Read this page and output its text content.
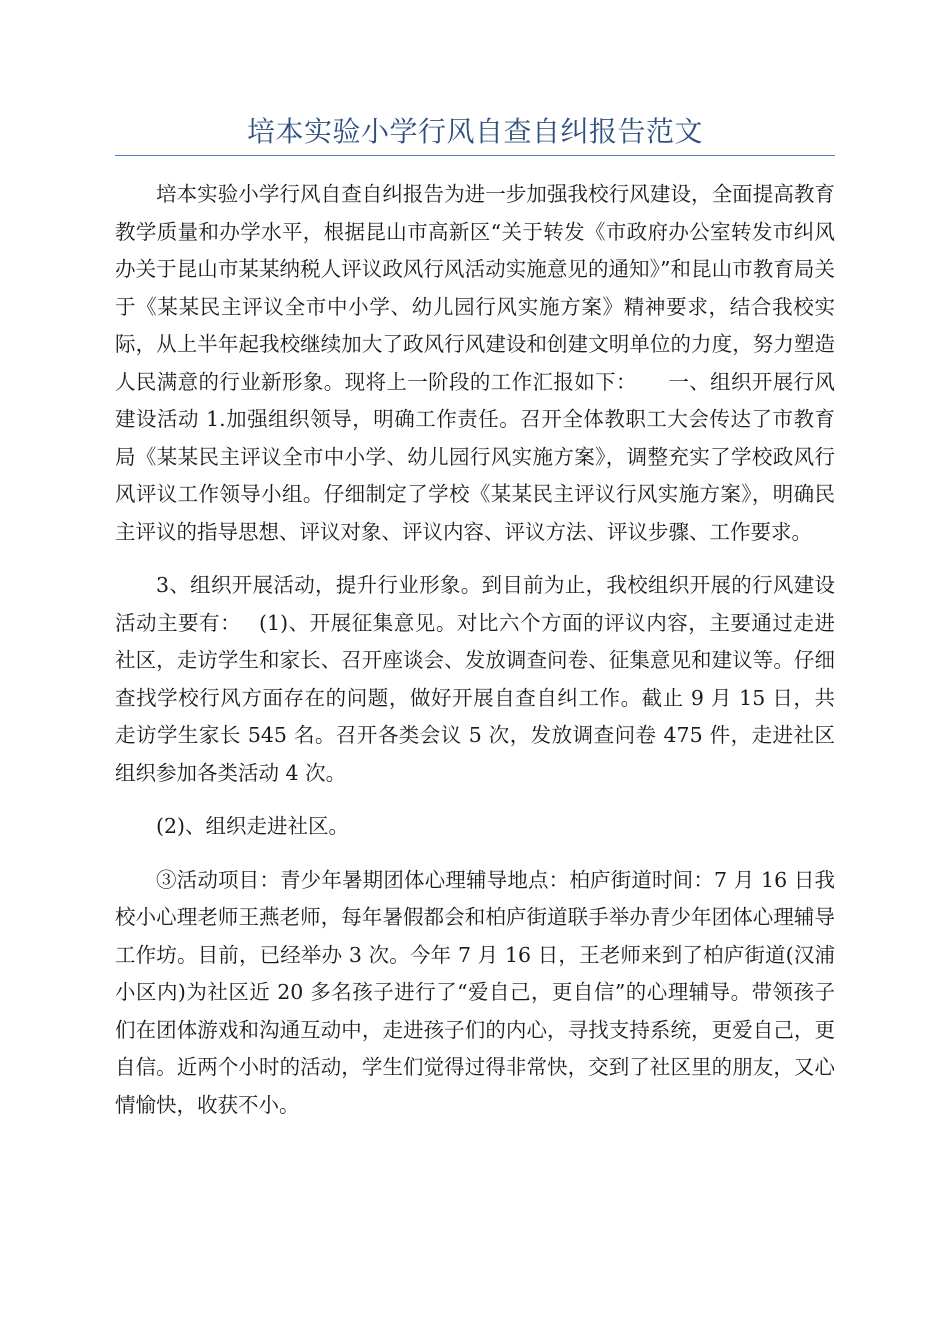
培本实验小学行风自查自纠报告范文

培本实验小学行风自查自纠报告为进一步加强我校行风建设，全面提高教育教学质量和办学水平，根据昆山市高新区“关于转发《市政府办公室转发市纠风办关于昆山市某某纳税人评议政风行风活动实施意见的通知》”和昆山市教育局关于《某某民主评议全市中小学、幼儿园行风实施方案》精神要求，结合我校实际，从上半年起我校继续加大了政风行风建设和创建文明单位的力度，努力塑造人民满意的行业新形象。现将上一阶段的工作汇报如下：　　一、组织开展行风建设活动 1.加强组织领导，明确工作责任。召开全体教职工大会传达了市教育局《某某民主评议全市中小学、幼儿园行风实施方案》，调整充实了学校政风行风评议工作领导小组。仔细制定了学校《某某民主评议行风实施方案》，明确民主评议的指导思想、评议对象、评议内容、评议方法、评议步骤、工作要求。

3、组织开展活动，提升行业形象。到目前为止，我校组织开展的行风建设活动主要有：　 (1)、开展征集意见。对比六个方面的评议内容，主要通过走进社区，走访学生和家长、召开座谈会、发放调查问卷、征集意见和建议等。仔细查找学校行风方面存在的问题，做好开展自查自纠工作。截止 9 月 15 日，共走访学生家长 545 名。召开各类会议 5 次，发放调查问卷 475 件，走进社区组织参加各类活动 4 次。

(2)、组织走进社区。

③活动项目：青少年暑期团体心理辅导地点：柏庐街道时间：7 月 16 日我校小心理老师王燕老师，每年暑假都会和柏庐街道联手举办青少年团体心理辅导工作坊。目前，已经举办 3 次。今年 7 月 16 日，王老师来到了柏庐街道(汉浦小区内)为社区近 20 多名孩子进行了“爱自己，更自信”的心理辅导。带领孩子们在团体游戏和沟通互动中，走进孩子们的内心，寻找支持系统，更爱自己，更自信。近两个小时的活动，学生们觉得过得非常快，交到了社区里的朋友，又心情愉快，收获不小。
